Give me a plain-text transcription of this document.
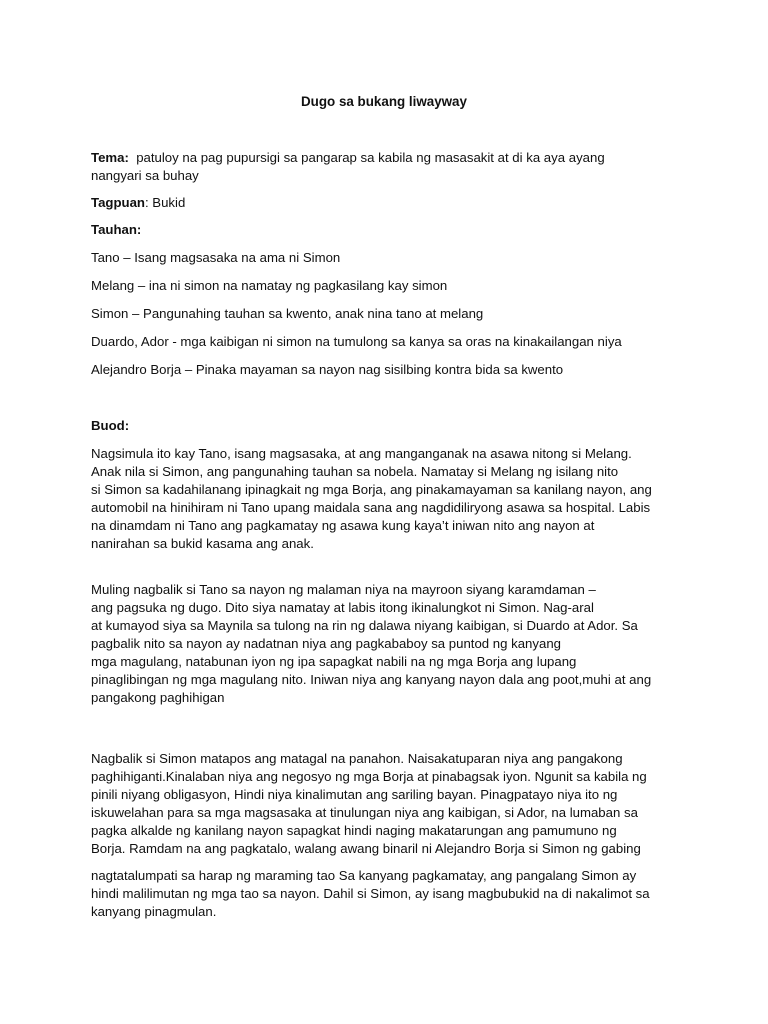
Dugo sa bukang liwayway
Tema: patuloy na pag pupursigi sa pangarap sa kabila ng masasakit at di ka aya ayang
nangyari sa buhay
Tagpuan: Bukid
Tauhan:
Tano – Isang magsasaka na ama ni Simon
Melang – ina ni simon na namatay ng pagkasilang kay simon
Simon – Pangunahing tauhan sa kwento, anak nina tano at melang
Duardo, Ador - mga kaibigan ni simon na tumulong sa kanya sa oras na kinakailangan niya
Alejandro Borja – Pinaka mayaman sa nayon nag sisilbing kontra bida sa kwento
Buod:
Nagsimula ito kay Tano, isang magsasaka, at ang manganganak na asawa nitong si Melang.
Anak nila si Simon, ang pangunahing tauhan sa nobela. Namatay si Melang ng isilang nito
si Simon sa kadahilanang ipinagkait ng mga Borja, ang pinakamayaman sa kanilang nayon, ang
automobil na hinihiram ni Tano upang maidala sana ang nagdidiliryong asawa sa hospital. Labis
na dinamdam ni Tano ang pagkamatay ng asawa kung kaya’t iniwan nito ang nayon at
nanirahan sa bukid kasama ang anak.
Muling nagbalik si Tano sa nayon ng malaman niya na mayroon siyang karamdaman –
ang pagsuka ng dugo. Dito siya namatay at labis itong ikinalungkot ni Simon. Nag-aral
at kumayod siya sa Maynila sa tulong na rin ng dalawa niyang kaibigan, si Duardo at Ador. Sa
pagbalik nito sa nayon ay nadatnan niya ang pagkababoy sa puntod ng kanyang
mga magulang, natabunan iyon ng ipa sapagkat nabili na ng mga Borja ang lupang
pinaglibingan ng mga magulang nito. Iniwan niya ang kanyang nayon dala ang poot,muhi at ang
pangakong paghihigan
Nagbalik si Simon matapos ang matagal na panahon. Naisakatuparan niya ang pangakong
paghihiganti.Kinalaban niya ang negosyo ng mga Borja at pinabagsak iyon. Ngunit sa kabila ng
pinili niyang obligasyon, Hindi niya kinalimutan ang sariling bayan. Pinagpatayo niya ito ng
iskuwelahan para sa mga magsasaka at tinulungan niya ang kaibigan, si Ador, na lumaban sa
pagka alkalde ng kanilang nayon sapagkat hindi naging makatarungan ang pamumuno ng
Borja. Ramdam na ang pagkatalo, walang awang binaril ni Alejandro Borja si Simon ng gabing
nagtatalumpati sa harap ng maraming tao Sa kanyang pagkamatay, ang pangalang Simon ay
hindi malilimutan ng mga tao sa nayon. Dahil si Simon, ay isang magbubukid na di nakalimot sa
kanyang pinagmulan.
